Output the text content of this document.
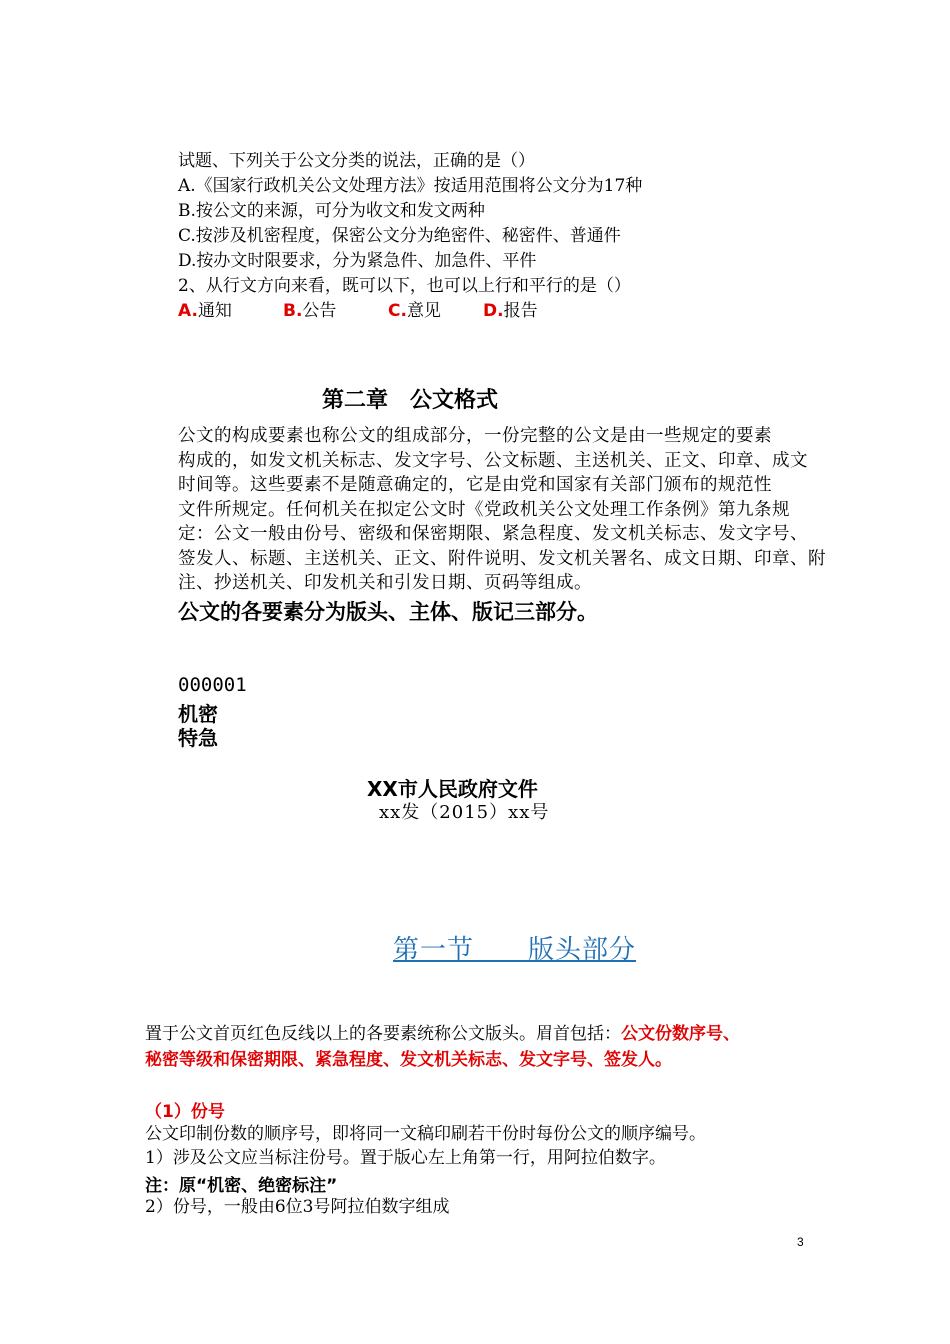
试题、下列关于公文分类的说法，正确的是（）
A.《国家行政机关公文处理方法》按适用范围将公文分为17种
B.按公文的来源，可分为收文和发文两种
C.按涉及机密程度，保密公文分为绝密件、秘密件、普通件
D.按办文时限要求，分为紧急件、加急件、平件
2、从行文方向来看，既可以下，也可以上行和平行的是（）
A.通知	B.公告	C.意见 D.报告
第二章　公文格式
公文的构成要素也称公文的组成部分，一份完整的公文是由一些规定的要素
构成的，如发文机关标志、发文字号、公文标题、主送机关、正文、印章、成文
时间等。这些要素不是随意确定的，它是由党和国家有关部门颁布的规范性
文件所规定。任何机关在拟定公文时《党政机关公文处理工作条例》第九条规
定：公文一般由份号、密级和保密期限、紧急程度、发文机关标志、发文字号、
签发人、标题、主送机关、正文、附件说明、发文机关署名、成文日期、印章、附
注、抄送机关、印发机关和引发日期、页码等组成。
公文的各要素分为版头、主体、版记三部分。
000001
机密
特急
XX市人民政府文件
xx发（2015）xx号
第一节　　版头部分
置于公文首页红色反线以上的各要素统称公文版头。眉首包括：公文份数序号、
秘密等级和保密期限、紧急程度、发文机关标志、发文字号、签发人。
（1）份号
公文印制份数的顺序号，即将同一文稿印刷若干份时每份公文的顺序编号。
1）涉及公文应当标注份号。置于版心左上角第一行，用阿拉伯数字。
注：原“机密、绝密标注”
2）份号，一般由6位3号阿拉伯数字组成
3
